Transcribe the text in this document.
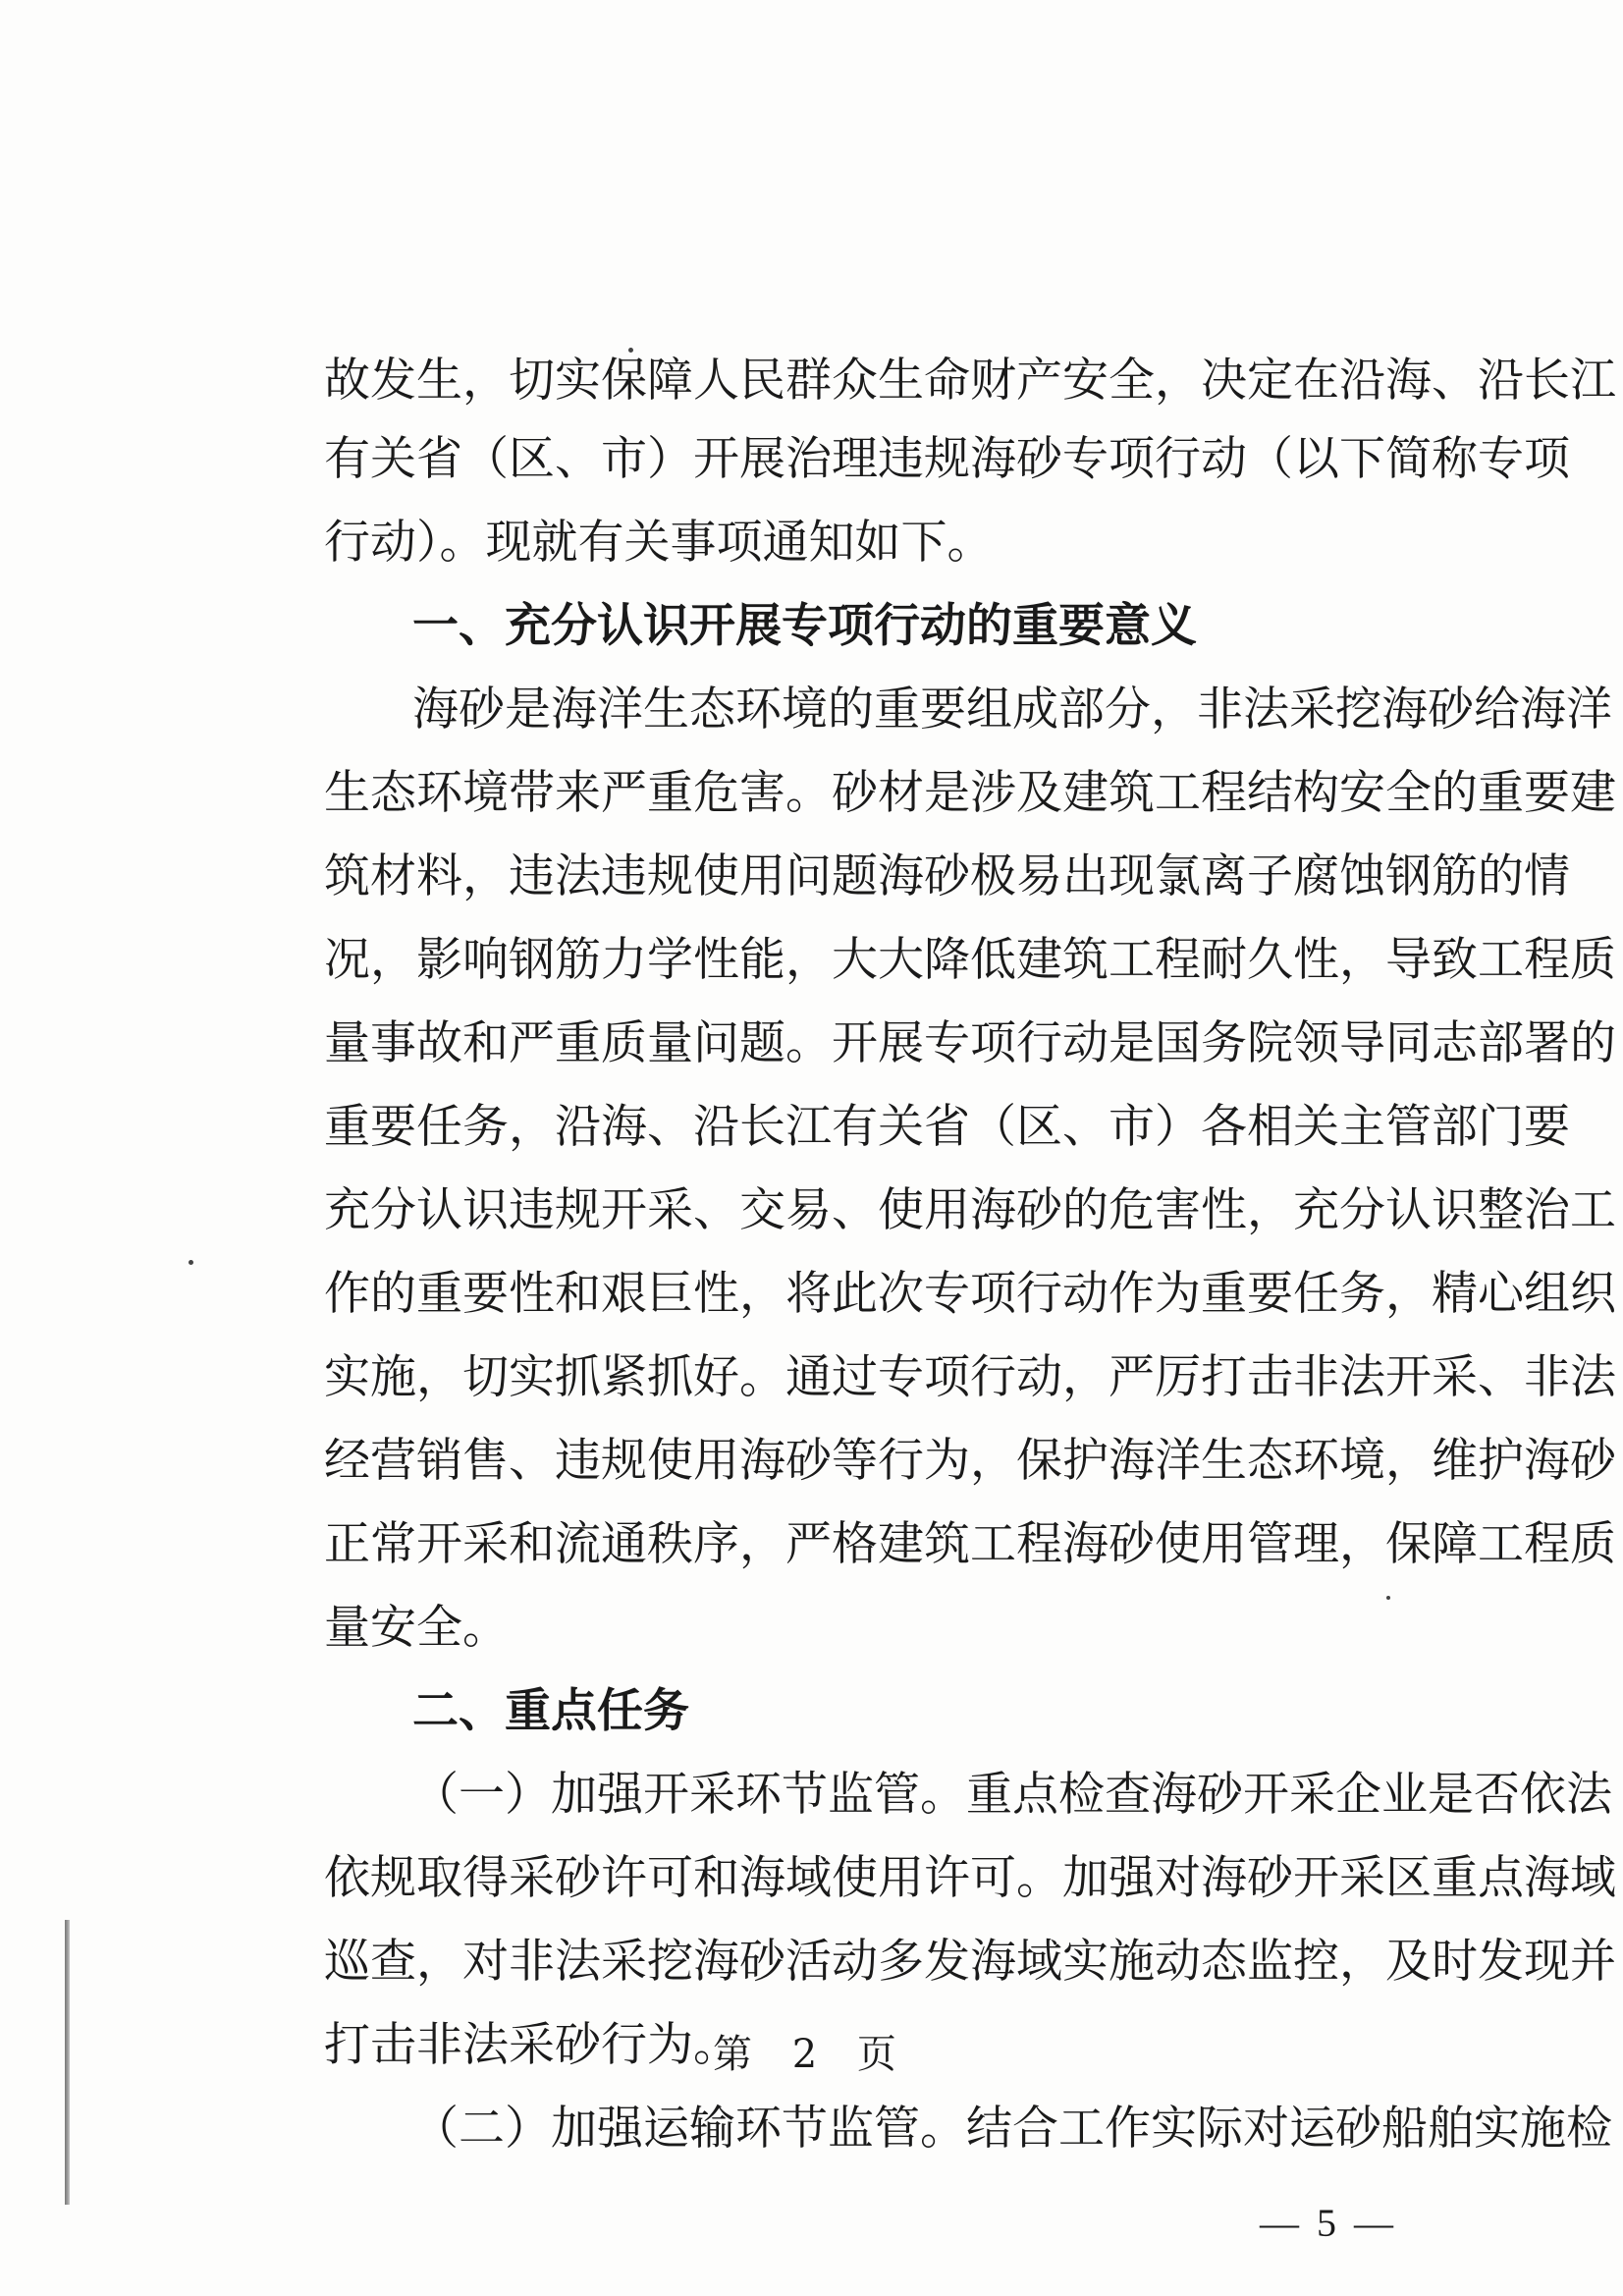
故发生，切实保障人民群众生命财产安全，决定在沿海、沿长江
有关省（区、市）开展治理违规海砂专项行动（以下简称专项
行动）。现就有关事项通知如下。
一、充分认识开展专项行动的重要意义
海砂是海洋生态环境的重要组成部分，非法采挖海砂给海洋
生态环境带来严重危害。砂材是涉及建筑工程结构安全的重要建
筑材料，违法违规使用问题海砂极易出现氯离子腐蚀钢筋的情
况，影响钢筋力学性能，大大降低建筑工程耐久性，导致工程质
量事故和严重质量问题。开展专项行动是国务院领导同志部署的
重要任务，沿海、沿长江有关省（区、市）各相关主管部门要
充分认识违规开采、交易、使用海砂的危害性，充分认识整治工
作的重要性和艰巨性，将此次专项行动作为重要任务，精心组织
实施，切实抓紧抓好。通过专项行动，严厉打击非法开采、非法
经营销售、违规使用海砂等行为，保护海洋生态环境，维护海砂
正常开采和流通秩序，严格建筑工程海砂使用管理，保障工程质
量安全。
二、重点任务
（一）加强开采环节监管。重点检查海砂开采企业是否依法
依规取得采砂许可和海域使用许可。加强对海砂开采区重点海域
巡查，对非法采挖海砂活动多发海域实施动态监控，及时发现并
打击非法采砂行为。
（二）加强运输环节监管。结合工作实际对运砂船舶实施检
第 2 页
— 5 —
